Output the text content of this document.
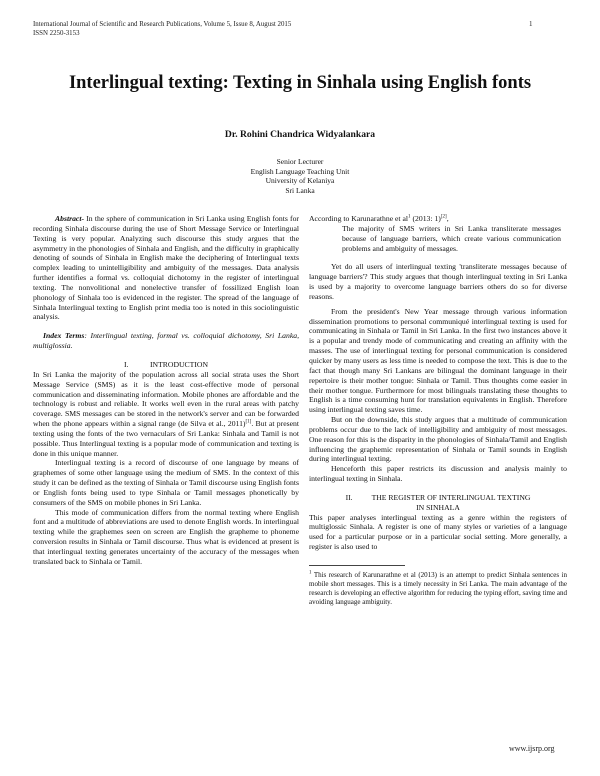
International Journal of Scientific and Research Publications, Volume 5, Issue 8, August 2015
ISSN 2250-3153
1
Interlingual texting: Texting in Sinhala using English fonts
Dr. Rohini Chandrica Widyalankara
Senior Lecturer
English Language Teaching Unit
University of Kelaniya
Sri Lanka

Abstract- In the sphere of communication in Sri Lanka using English fonts for recording Sinhala discourse during the use of Short Message Service or Interlingual Texting is very popular. Analyzing such discourse this study argues that the asymmetry in the phonologies of Sinhala and English, and the difficulty in graphically denoting of sounds of Sinhala in English make the deciphering of Interlingual texts complex leading to unintelligibility and ambiguity of the messages. Data analysis further identifies a formal vs. colloquial dichotomy in the register of interlingual texting. The nonvolitional and nonelective transfer of fossilized English loan phonology of Sinhala too is evidenced in the register. The spread of the language of Sinhala Interlingual texting to English print media too is noted in this sociolinguistic analysis.

Index Terms: Interlingual texting, formal vs. colloquial dichotomy, Sri Lanka, multiglossia.

I.	INTRODUCTION

In Sri Lanka the majority of the population across all social strata uses the Short Message Service (SMS) as it is the least cost-effective mode of personal communication and disseminating information. Mobile phones are affordable and the technology is robust and reliable. It works well even in the rural areas with patchy coverage. SMS messages can be stored in the network's server and can be forwarded when the phone appears within a signal range (de Silva et al., 2011)[1]. But at present texting using the fonts of the two vernaculars of Sri Lanka: Sinhala and Tamil is not possible. Thus Interlingual texting is a popular mode of communication and texting is done in this unique manner.

Interlingual texting is a record of discourse of one language by means of graphemes of some other language using the medium of SMS. In the context of this study it can be defined as the texting of Sinhala or Tamil discourse using English fonts or English fonts being used to type Sinhala or Tamil messages phonetically by consumers of the SMS on mobile phones in Sri Lanka.

This mode of communication differs from the normal texting where English font and a multitude of abbreviations are used to denote English words. In interlingual texting while the graphemes seen on screen are English the grapheme to phoneme conversion results in Sinhala or Tamil discourse. Thus what is evidenced at present is that interlingual texting generates uncertainty of the accuracy of the messages when translated back to Sinhala or Tamil.

According to Karunarathne et $al^1$ (2013: 1)[2],

The majority of SMS writers in Sri Lanka transliterate messages because of language barriers, which create various communication problems and ambiguity of messages.

Yet do all users of interlingual texting 'transliterate messages because of language barriers'? This study argues that though interlingual texting in Sri Lanka is used by a majority to overcome language barriers others do so for diverse reasons.

From the president's New Year message through various information dissemination promotions to personal communiqué interlingual texting is used for communicating in Sinhala or Tamil in Sri Lanka. In the first two instances above it is a popular and trendy mode of communicating and creating an affinity with the masses. The use of interlingual texting for personal communication is considered quicker by many users as less time is needed to compose the text. This is due to the fact that though many Sri Lankans are bilingual the dominant language in their repertoire is their mother tongue: Sinhala or Tamil. Thus thoughts come easier in their mother tongue. Furthermore for most bilinguals translating these thoughts to English is a time consuming hunt for translation equivalents in English. Therefore using interlingual texting saves time.

But on the downside, this study argues that a multitude of communication problems occur due to the lack of intelligibility and ambiguity of most messages. One reason for this is the disparity in the phonologies of Sinhala/Tamil and English influencing the graphemic representation of Sinhala or Tamil sounds in English during interlingual texting.

Henceforth this paper restricts its discussion and analysis mainly to interlingual texting in Sinhala.

II. THE REGISTER OF INTERLINGUAL TEXTING

IN SINHALA

This paper analyses interlingual texting as a genre within the registers of multiglossic Sinhala. A register is one of many styles or varieties of a language used for a particular purpose or in a particular social setting. More generally, a register is also used to

$^1$ This research of Karunarathne et al (2013) is an attempt to predict Sinhala sentences in mobile short messages. This is a timely necessity in Sri Lanka. The main advantage of the research is developing an effective algorithm for reducing the typing effort, saving time and avoiding language ambiguity.

www.ijsrp.org
